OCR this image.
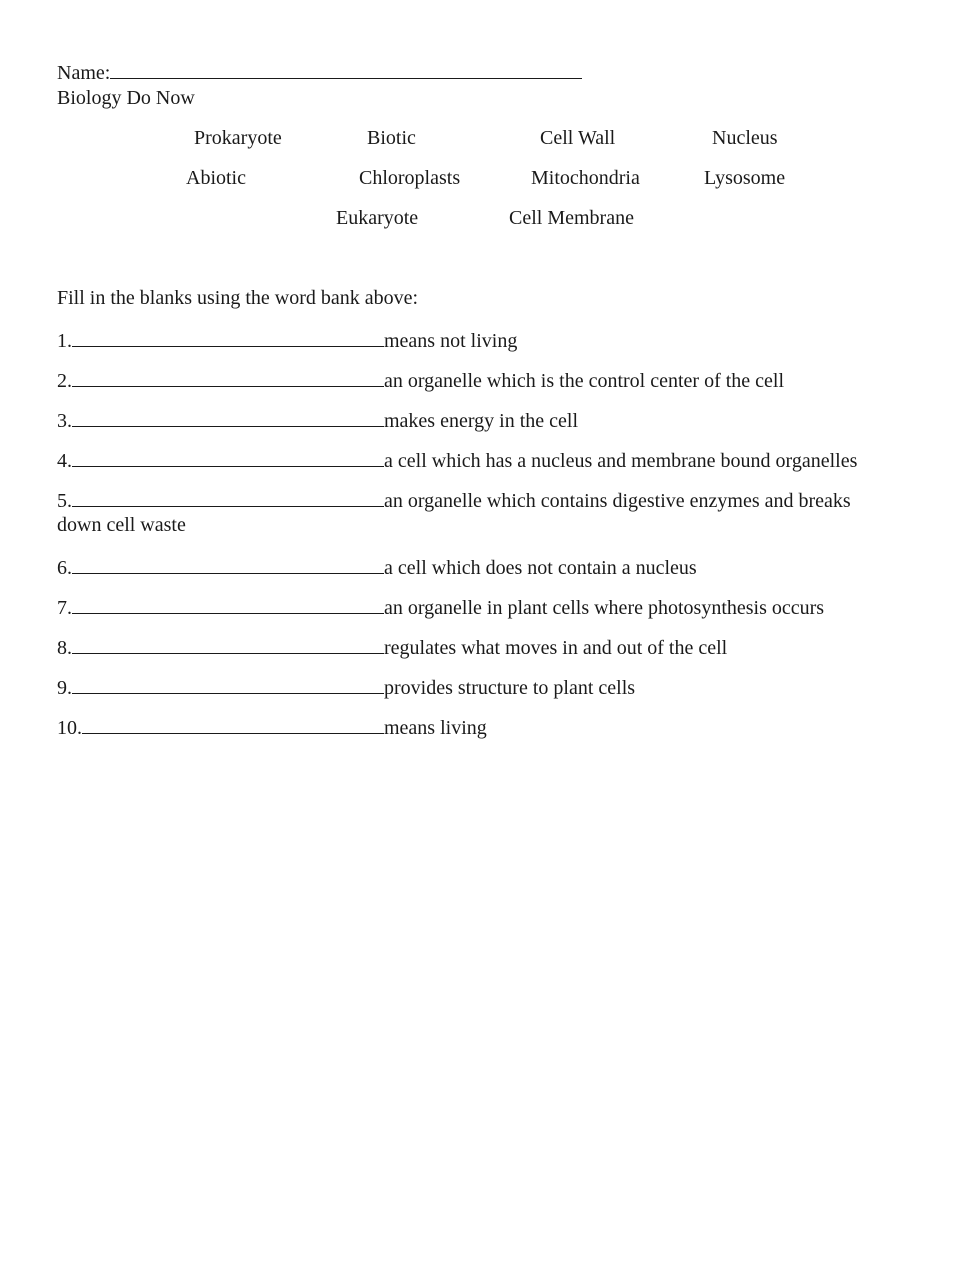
Name:
Biology Do Now
Prokaryote	Biotic	Cell Wall	Nucleus
Abiotic	Chloroplasts	Mitochondria	Lysosome
Eukaryote	Cell Membrane
Fill in the blanks using the word bank above:
1.	means not living
2.	an organelle which is the control center of the cell
3.	makes energy in the cell
4.	a cell which has a nucleus and membrane bound organelles
5.	an organelle which contains digestive enzymes and breaks
down cell waste
6.	a cell which does not contain a nucleus
7.	an organelle in plant cells where photosynthesis occurs
8.	regulates what moves in and out of the cell
9.	provides structure to plant cells
10.	means living
